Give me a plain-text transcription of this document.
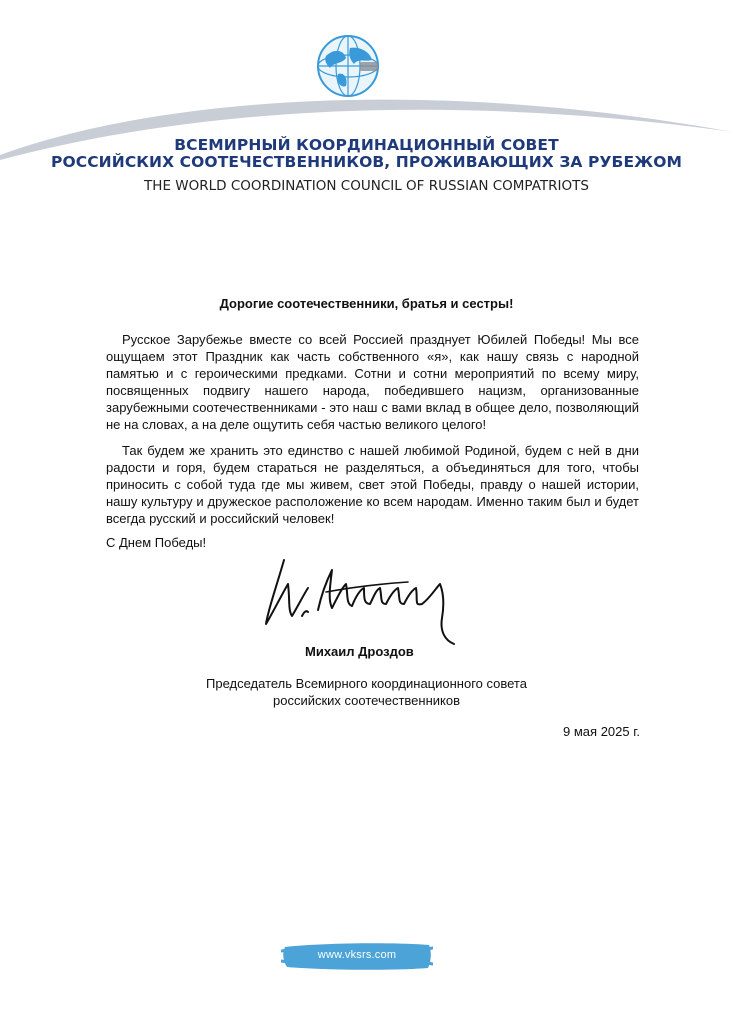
ВСЕМИРНЫЙ КООРДИНАЦИОННЫЙ СОВЕТ
РОССИЙСКИХ СООТЕЧЕСТВЕННИКОВ, ПРОЖИВАЮЩИХ ЗА РУБЕЖОМ
THE WORLD COORDINATION COUNCIL OF RUSSIAN COMPATRIOTS
Дорогие соотечественники, братья и сестры!

Русское Зарубежье вместе со всей Россией празднует Юбилей Победы! Мы все ощущаем этот Праздник как часть собственного «я», как нашу связь с народной памятью и с героическими предками. Сотни и сотни мероприятий по всему миру, посвященных подвигу нашего народа, победившего нацизм, организованные зарубежными соотечественниками - это наш с вами вклад в общее дело, позволяющий не на словах, а на деле ощутить себя частью великого целого!

Так будем же хранить это единство с нашей любимой Родиной, будем с ней в дни радости и горя, будем стараться не разделяться, а объединяться для того, чтобы приносить с собой туда где мы живем, свет этой Победы, правду о нашей истории, нашу культуру и дружеское расположение ко всем народам. Именно таким был и будет всегда русский и российский человек!

С Днем Победы!
Михаил Дроздов
Председатель Всемирного координационного совета
российских соотечественников
9 мая 2025 г.
www.vksrs.com
